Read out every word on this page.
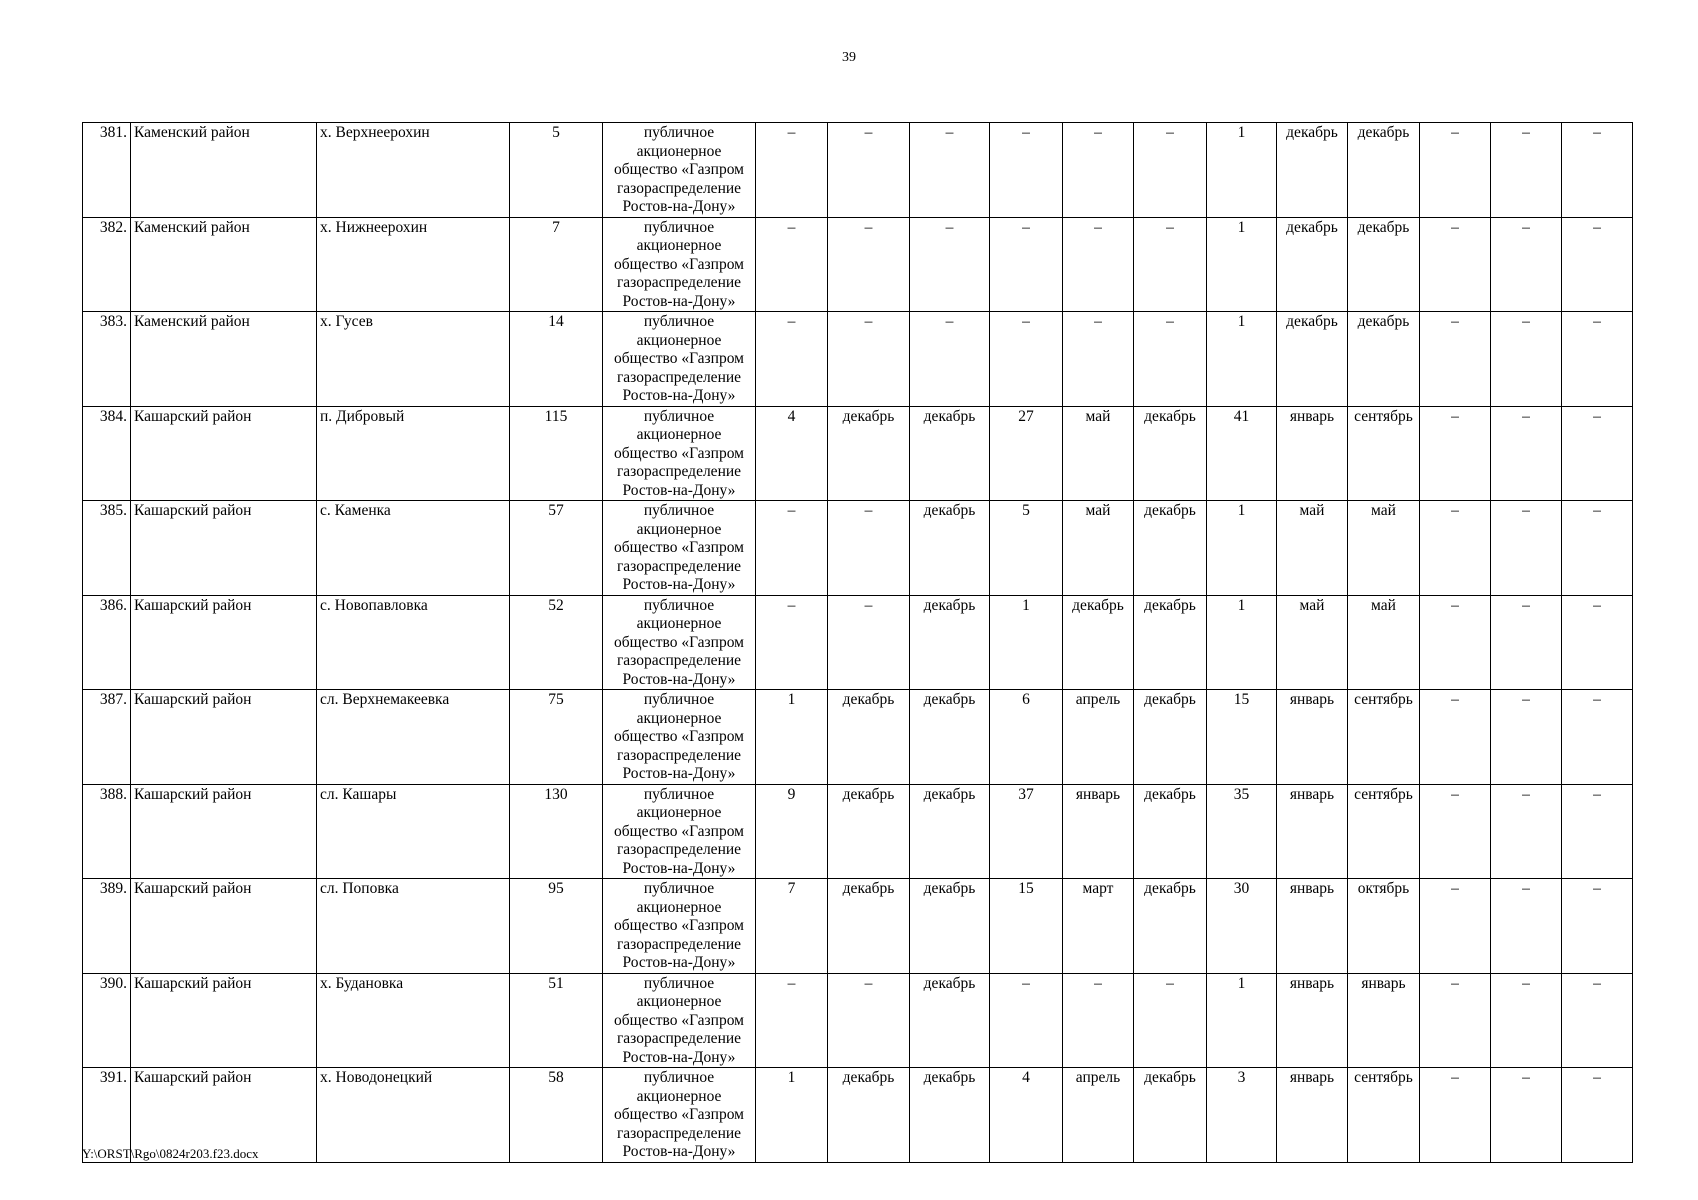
39
381.	Каменский район	х. Верхнеерохин	5	публичное
акционерное
общество «Газпром
газораспределение
Ростов-на-Дону»	–	–	–	–	–	–	1	декабрь	декабрь	–	–	–
382.	Каменский район	х. Нижнеерохин	7	публичное
акционерное
общество «Газпром
газораспределение
Ростов-на-Дону»	–	–	–	–	–	–	1	декабрь	декабрь	–	–	–
383.	Каменский район	х. Гусев	14	публичное
акционерное
общество «Газпром
газораспределение
Ростов-на-Дону»	–	–	–	–	–	–	1	декабрь	декабрь	–	–	–
384.	Кашарский район	п. Дибровый	115	публичное
акционерное
общество «Газпром
газораспределение
Ростов-на-Дону»	4	декабрь	декабрь	27	май	декабрь	41	январь	сентябрь	–	–	–
385.	Кашарский район	с. Каменка	57	публичное
акционерное
общество «Газпром
газораспределение
Ростов-на-Дону»	–	–	декабрь	5	май	декабрь	1	май	май	–	–	–
386.	Кашарский район	с. Новопавловка	52	публичное
акционерное
общество «Газпром
газораспределение
Ростов-на-Дону»	–	–	декабрь	1	декабрь	декабрь	1	май	май	–	–	–
387.	Кашарский район	сл. Верхнемакеевка	75	публичное
акционерное
общество «Газпром
газораспределение
Ростов-на-Дону»	1	декабрь	декабрь	6	апрель	декабрь	15	январь	сентябрь	–	–	–
388.	Кашарский район	сл. Кашары	130	публичное
акционерное
общество «Газпром
газораспределение
Ростов-на-Дону»	9	декабрь	декабрь	37	январь	декабрь	35	январь	сентябрь	–	–	–
389.	Кашарский район	сл. Поповка	95	публичное
акционерное
общество «Газпром
газораспределение
Ростов-на-Дону»	7	декабрь	декабрь	15	март	декабрь	30	январь	октябрь	–	–	–
390.	Кашарский район	х. Будановка	51	публичное
акционерное
общество «Газпром
газораспределение
Ростов-на-Дону»	–	–	декабрь	–	–	–	1	январь	январь	–	–	–
391.	Кашарский район	х. Новодонецкий	58	публичное
акционерное
общество «Газпром
газораспределение
Ростов-на-Дону»	1	декабрь	декабрь	4	апрель	декабрь	3	январь	сентябрь	–	–	–
Y:\ORST\Rgo\0824r203.f23.docx
